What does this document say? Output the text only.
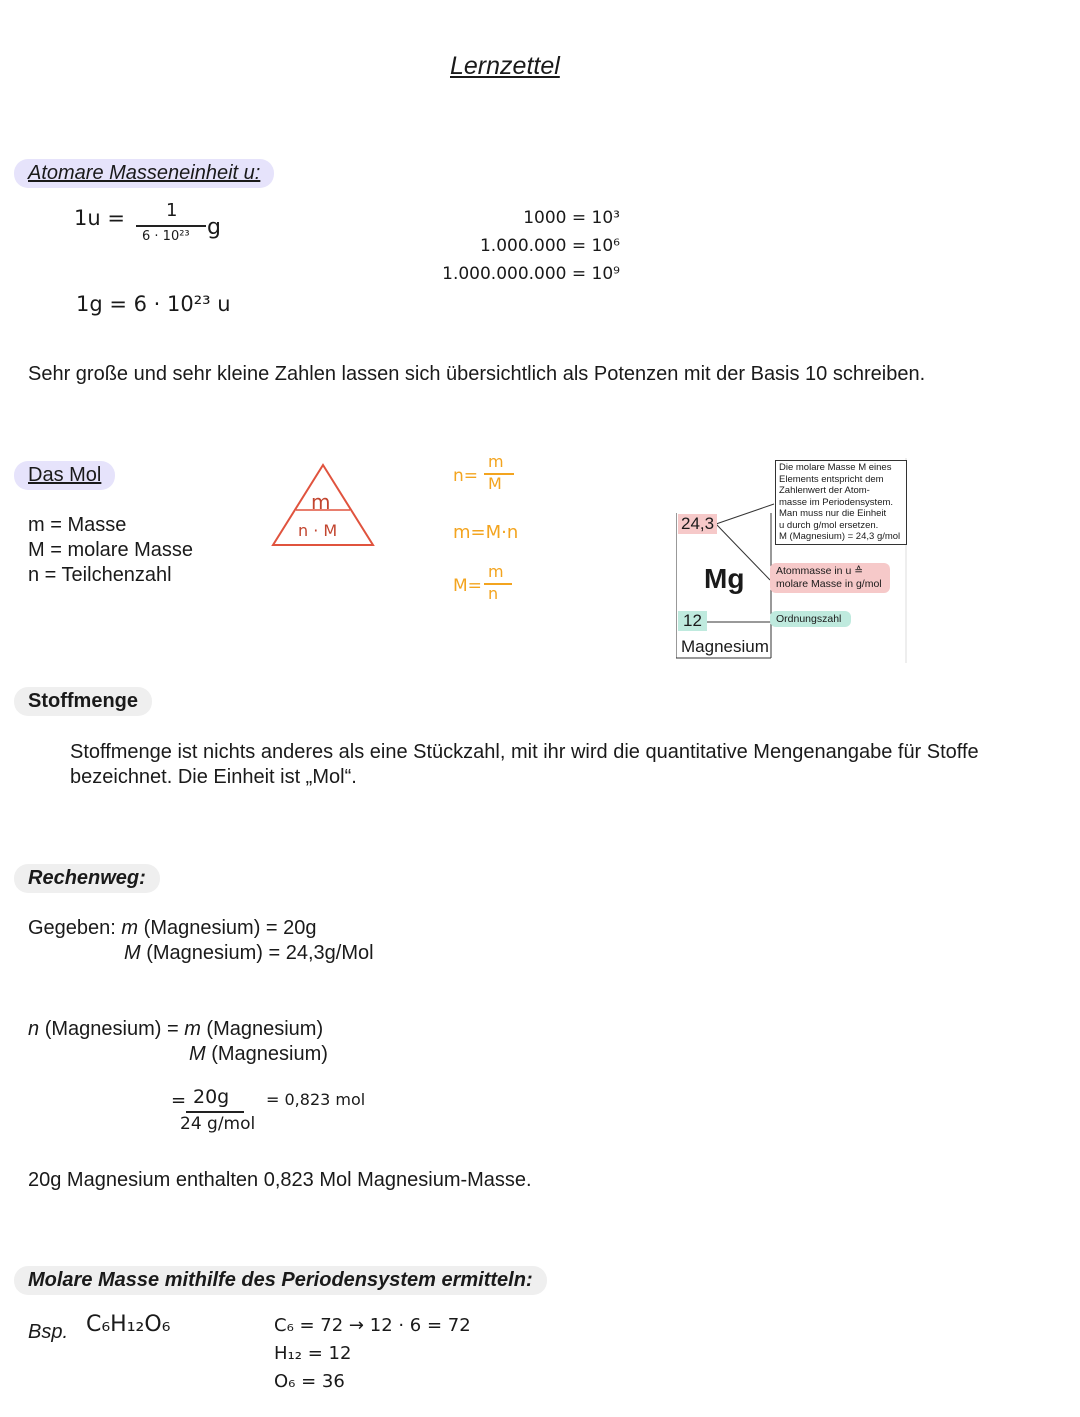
Lernzettel
Atomare Masseneinheit u:
1u = 1
6 · 10²³ g
1g = 6 · 10²³ u
1000 = 10³
1.000.000 = 10⁶
1.000.000.000 = 10⁹
Sehr große und sehr kleine Zahlen lassen sich übersichtlich als Potenzen mit der Basis 10 schreiben.
Das Mol
m = Masse
M = molare Masse
n = Teilchenzahl
m
n · M
n=
m
M
m=M·n
M=
m
n
24,3
Mg
12
Magnesium
Die molare Masse M eines
Elements entspricht dem
Zahlenwert der Atom-
masse im Periodensystem.
Man muss nur die Einheit
u durch g/mol ersetzen.
M (Magnesium) = 24,3 g/mol
Atommasse in u ≙
molare Masse in g/mol
Ordnungszahl
Stoffmenge
Stoffmenge ist nichts anderes als eine Stückzahl, mit ihr wird die quantitative Mengenangabe für Stoffe bezeichnet. Die Einheit ist „Mol“.
Rechenweg:
Gegeben: m (Magnesium) = 20g
M (Magnesium) = 24,3g/Mol
n (Magnesium) = m (Magnesium)
M (Magnesium)
= 20g
24 g/mol
= 0,823 mol
20g Magnesium enthalten 0,823 Mol Magnesium-Masse.
Molare Masse mithilfe des Periodensystem ermitteln:
Bsp. C₆H₁₂O₆	C₆ = 72 → 12 · 6 = 72
H₁₂ = 12
O₆ = 36
